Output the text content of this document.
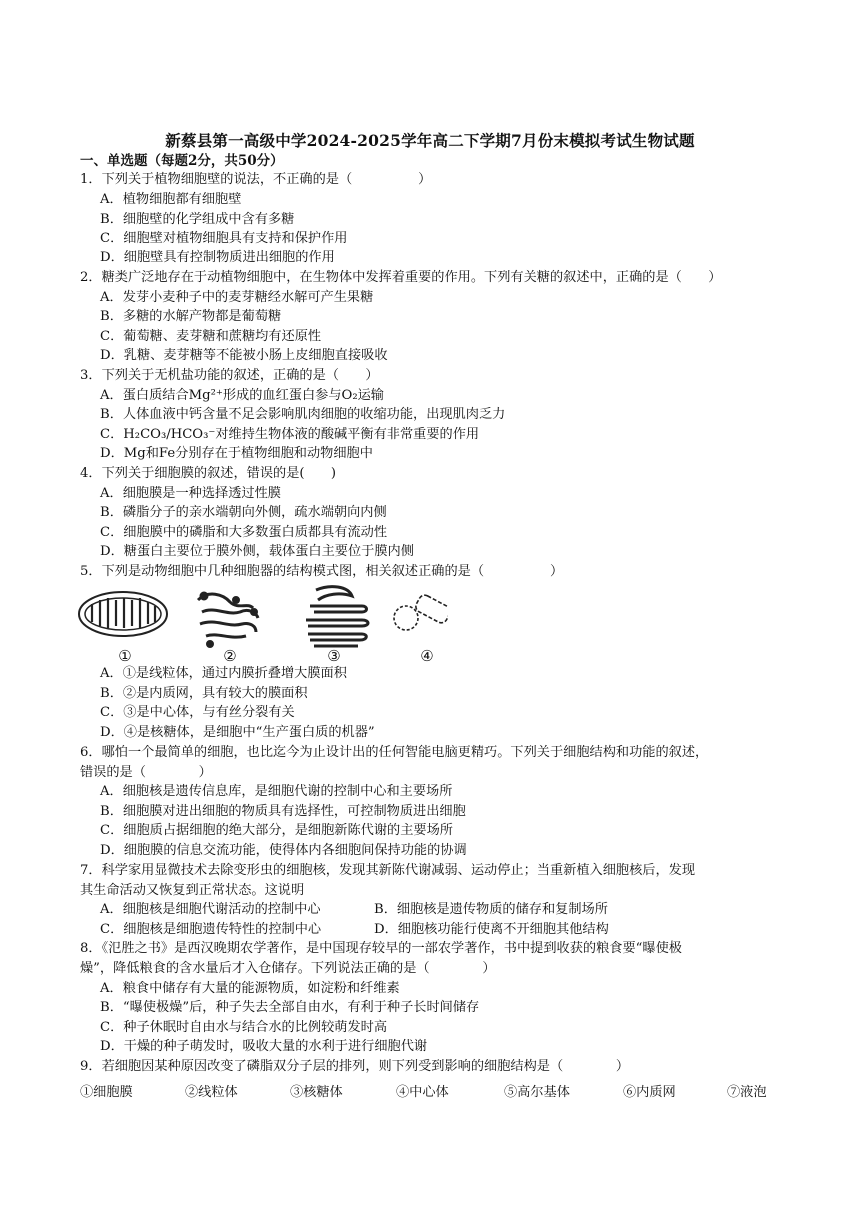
新蔡县第一高级中学2024-2025学年高二下学期7月份末模拟考试生物试题
一、单选题（每题2分，共50分）
1．下列关于植物细胞壁的说法，不正确的是（　　　　　）
A．植物细胞都有细胞壁
B．细胞壁的化学组成中含有多糖
C．细胞壁对植物细胞具有支持和保护作用
D．细胞壁具有控制物质进出细胞的作用
2．糖类广泛地存在于动植物细胞中，在生物体中发挥着重要的作用。下列有关糖的叙述中，正确的是（　　）
A．发芽小麦种子中的麦芽糖经水解可产生果糖
B．多糖的水解产物都是葡萄糖
C．葡萄糖、麦芽糖和蔗糖均有还原性
D．乳糖、麦芽糖等不能被小肠上皮细胞直接吸收
3．下列关于无机盐功能的叙述，正确的是（　　）
A．蛋白质结合Mg²⁺形成的血红蛋白参与O₂运输
B．人体血液中钙含量不足会影响肌肉细胞的收缩功能，出现肌肉乏力
C．H₂CO₃/HCO₃⁻对维持生物体液的酸碱平衡有非常重要的作用
D．Mg和Fe分别存在于植物细胞和动物细胞中
4．下列关于细胞膜的叙述，错误的是(　　)
A．细胞膜是一种选择透过性膜
B．磷脂分子的亲水端朝向外侧，疏水端朝向内侧
C．细胞膜中的磷脂和大多数蛋白质都具有流动性
D．糖蛋白主要位于膜外侧，载体蛋白主要位于膜内侧
5．下列是动物细胞中几种细胞器的结构模式图，相关叙述正确的是（　　　　　）
①	②	③	④
A．①是线粒体，通过内膜折叠增大膜面积
B．②是内质网，具有较大的膜面积
C．③是中心体，与有丝分裂有关
D．④是核糖体，是细胞中“生产蛋白质的机器”
6．哪怕一个最简单的细胞，也比迄今为止设计出的任何智能电脑更精巧。下列关于细胞结构和功能的叙述，
错误的是（　　　　）
A．细胞核是遗传信息库，是细胞代谢的控制中心和主要场所
B．细胞膜对进出细胞的物质具有选择性，可控制物质进出细胞
C．细胞质占据细胞的绝大部分，是细胞新陈代谢的主要场所
D．细胞膜的信息交流功能，使得体内各细胞间保持功能的协调
7．科学家用显微技术去除变形虫的细胞核，发现其新陈代谢减弱、运动停止；当重新植入细胞核后，发现
其生命活动又恢复到正常状态。这说明
A．细胞核是细胞代谢活动的控制中心	B．细胞核是遗传物质的储存和复制场所
C．细胞核是细胞遗传特性的控制中心	D．细胞核功能行使离不开细胞其他结构
8．《氾胜之书》是西汉晚期农学著作，是中国现存较早的一部农学著作，书中提到收获的粮食要“曝使极
燥”，降低粮食的含水量后才入仓储存。下列说法正确的是（　　　　）
A．粮食中储存有大量的能源物质，如淀粉和纤维素
B．“曝使极燥”后，种子失去全部自由水，有利于种子长时间储存
C．种子休眠时自由水与结合水的比例较萌发时高
D．干燥的种子萌发时，吸收大量的水利于进行细胞代谢
9．若细胞因某种原因改变了磷脂双分子层的排列，则下列受到影响的细胞结构是（　　　　）
①细胞膜	②线粒体	③核糖体	④中心体	⑤高尔基体	⑥内质网	⑦液泡
